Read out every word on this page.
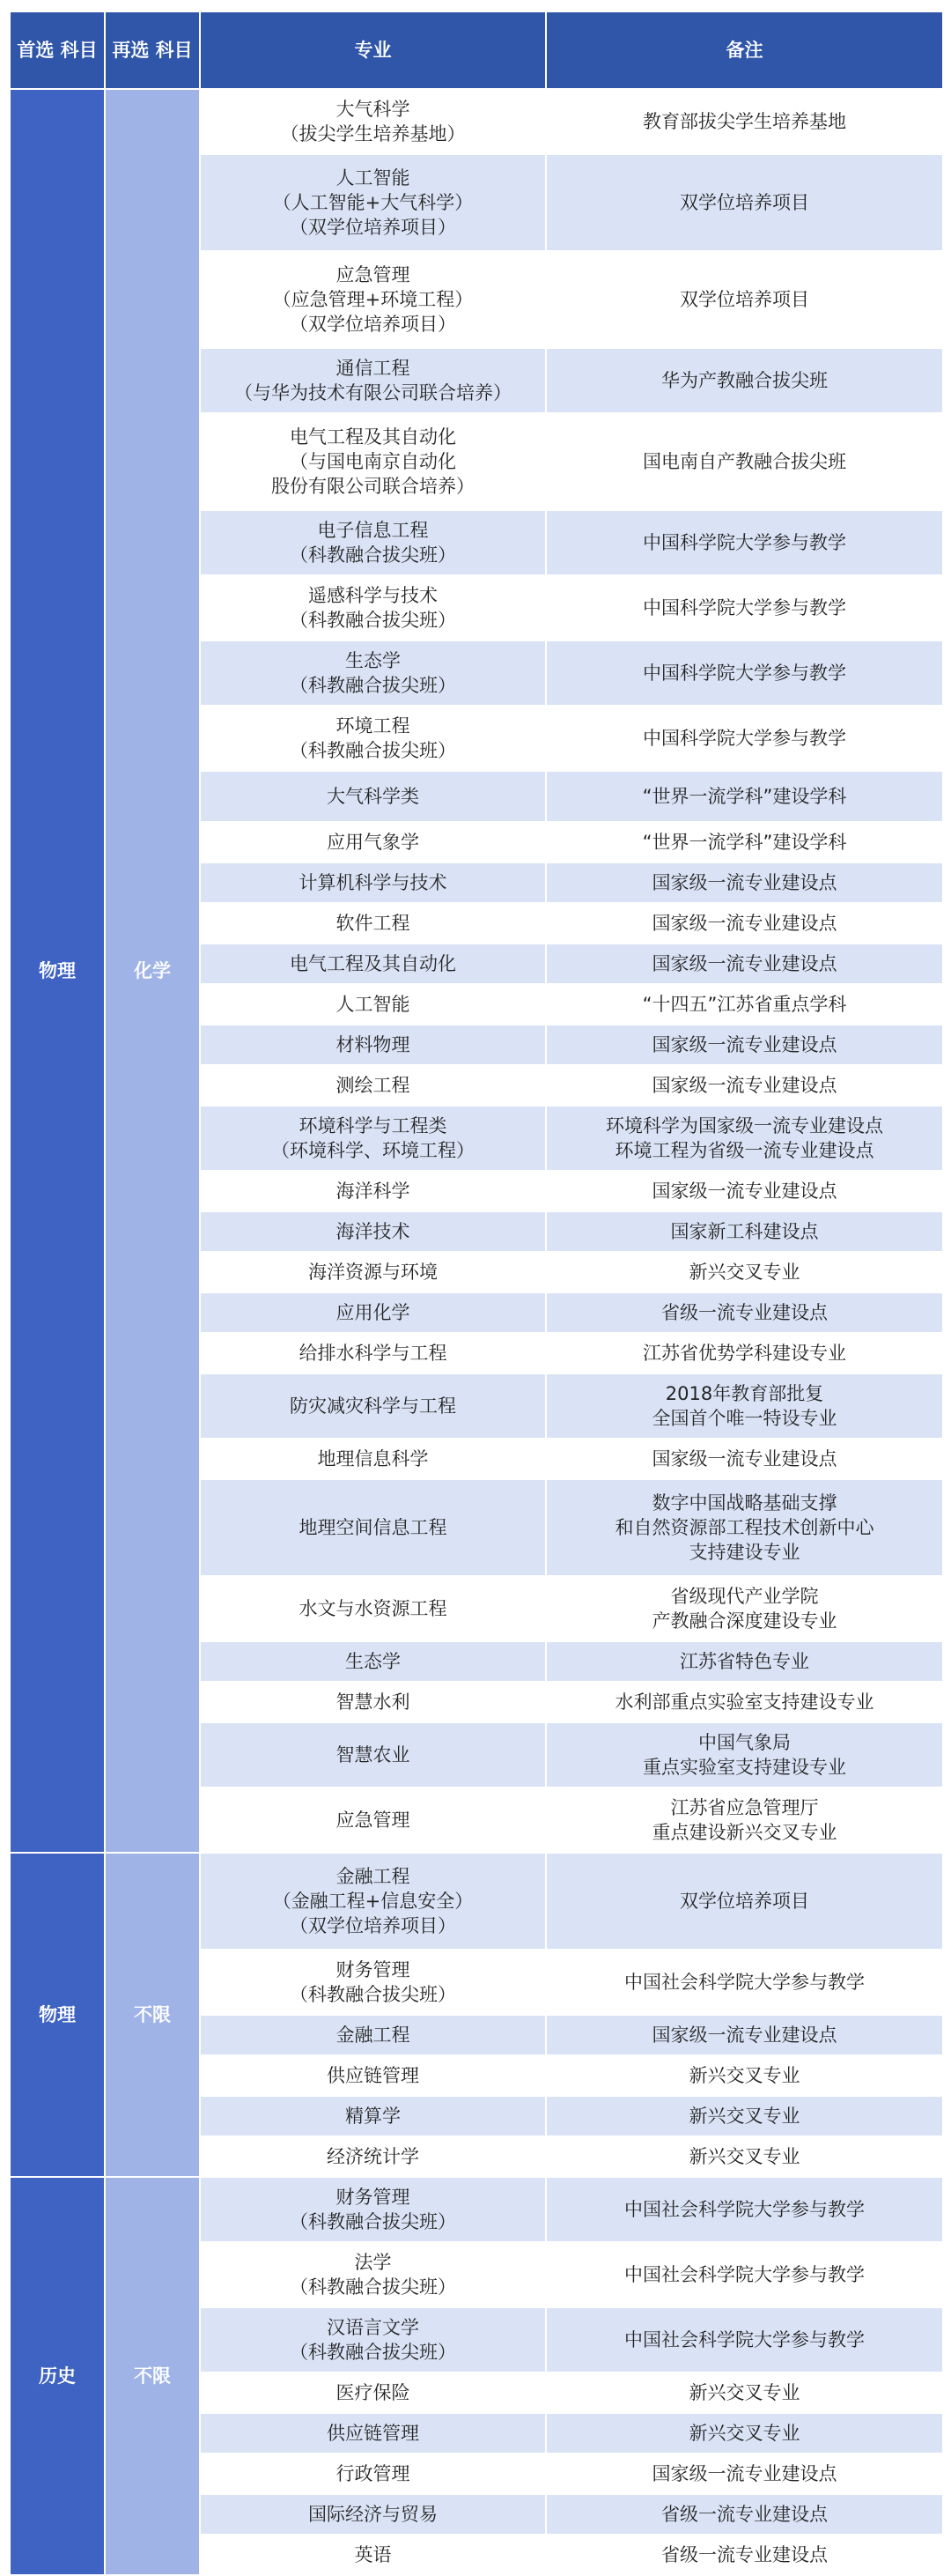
首选 科目	再选 科目	专业	备注
物理	化学	大气科学
（拔尖学生培养基地）	教育部拔尖学生培养基地

		人工智能
（人工智能+大气科学）
（双学位培养项目）	双学位培养项目

		应急管理
（应急管理+环境工程）
（双学位培养项目）	双学位培养项目

		通信工程
（与华为技术有限公司联合培养）	华为产教融合拔尖班

		电气工程及其自动化
（与国电南京自动化
股份有限公司联合培养）	国电南自产教融合拔尖班

		电子信息工程
（科教融合拔尖班）	中国科学院大学参与教学

		遥感科学与技术
（科教融合拔尖班）	中国科学院大学参与教学

		生态学
（科教融合拔尖班）	中国科学院大学参与教学

		环境工程
（科教融合拔尖班）	中国科学院大学参与教学

		大气科学类	“世界一流学科”建设学科

		应用气象学	“世界一流学科”建设学科

		计算机科学与技术	国家级一流专业建设点

		软件工程	国家级一流专业建设点

		电气工程及其自动化	国家级一流专业建设点

		人工智能	“十四五”江苏省重点学科

		材料物理	国家级一流专业建设点

		测绘工程	国家级一流专业建设点

		环境科学与工程类
（环境科学、环境工程）	环境科学为国家级一流专业建设点
环境工程为省级一流专业建设点

		海洋科学	国家级一流专业建设点

		海洋技术	国家新工科建设点

		海洋资源与环境	新兴交叉专业

		应用化学	省级一流专业建设点

		给排水科学与工程	江苏省优势学科建设专业

		防灾减灾科学与工程	2018年教育部批复
全国首个唯一特设专业

		地理信息科学	国家级一流专业建设点

		地理空间信息工程	数字中国战略基础支撑
和自然资源部工程技术创新中心
支持建设专业

		水文与水资源工程	省级现代产业学院
产教融合深度建设专业

		生态学	江苏省特色专业

		智慧水利	水利部重点实验室支持建设专业

		智慧农业	中国气象局
重点实验室支持建设专业

		应急管理	江苏省应急管理厅
重点建设新兴交叉专业

物理	不限	金融工程
（金融工程+信息安全）
（双学位培养项目）	双学位培养项目

		财务管理
（科教融合拔尖班）	中国社会科学院大学参与教学

		金融工程	国家级一流专业建设点

		供应链管理	新兴交叉专业

		精算学	新兴交叉专业

		经济统计学	新兴交叉专业

历史	不限	财务管理
（科教融合拔尖班）	中国社会科学院大学参与教学

		法学
（科教融合拔尖班）	中国社会科学院大学参与教学

		汉语言文学
（科教融合拔尖班）	中国社会科学院大学参与教学

		医疗保险	新兴交叉专业

		供应链管理	新兴交叉专业

		行政管理	国家级一流专业建设点

		国际经济与贸易	省级一流专业建设点

		英语	省级一流专业建设点
